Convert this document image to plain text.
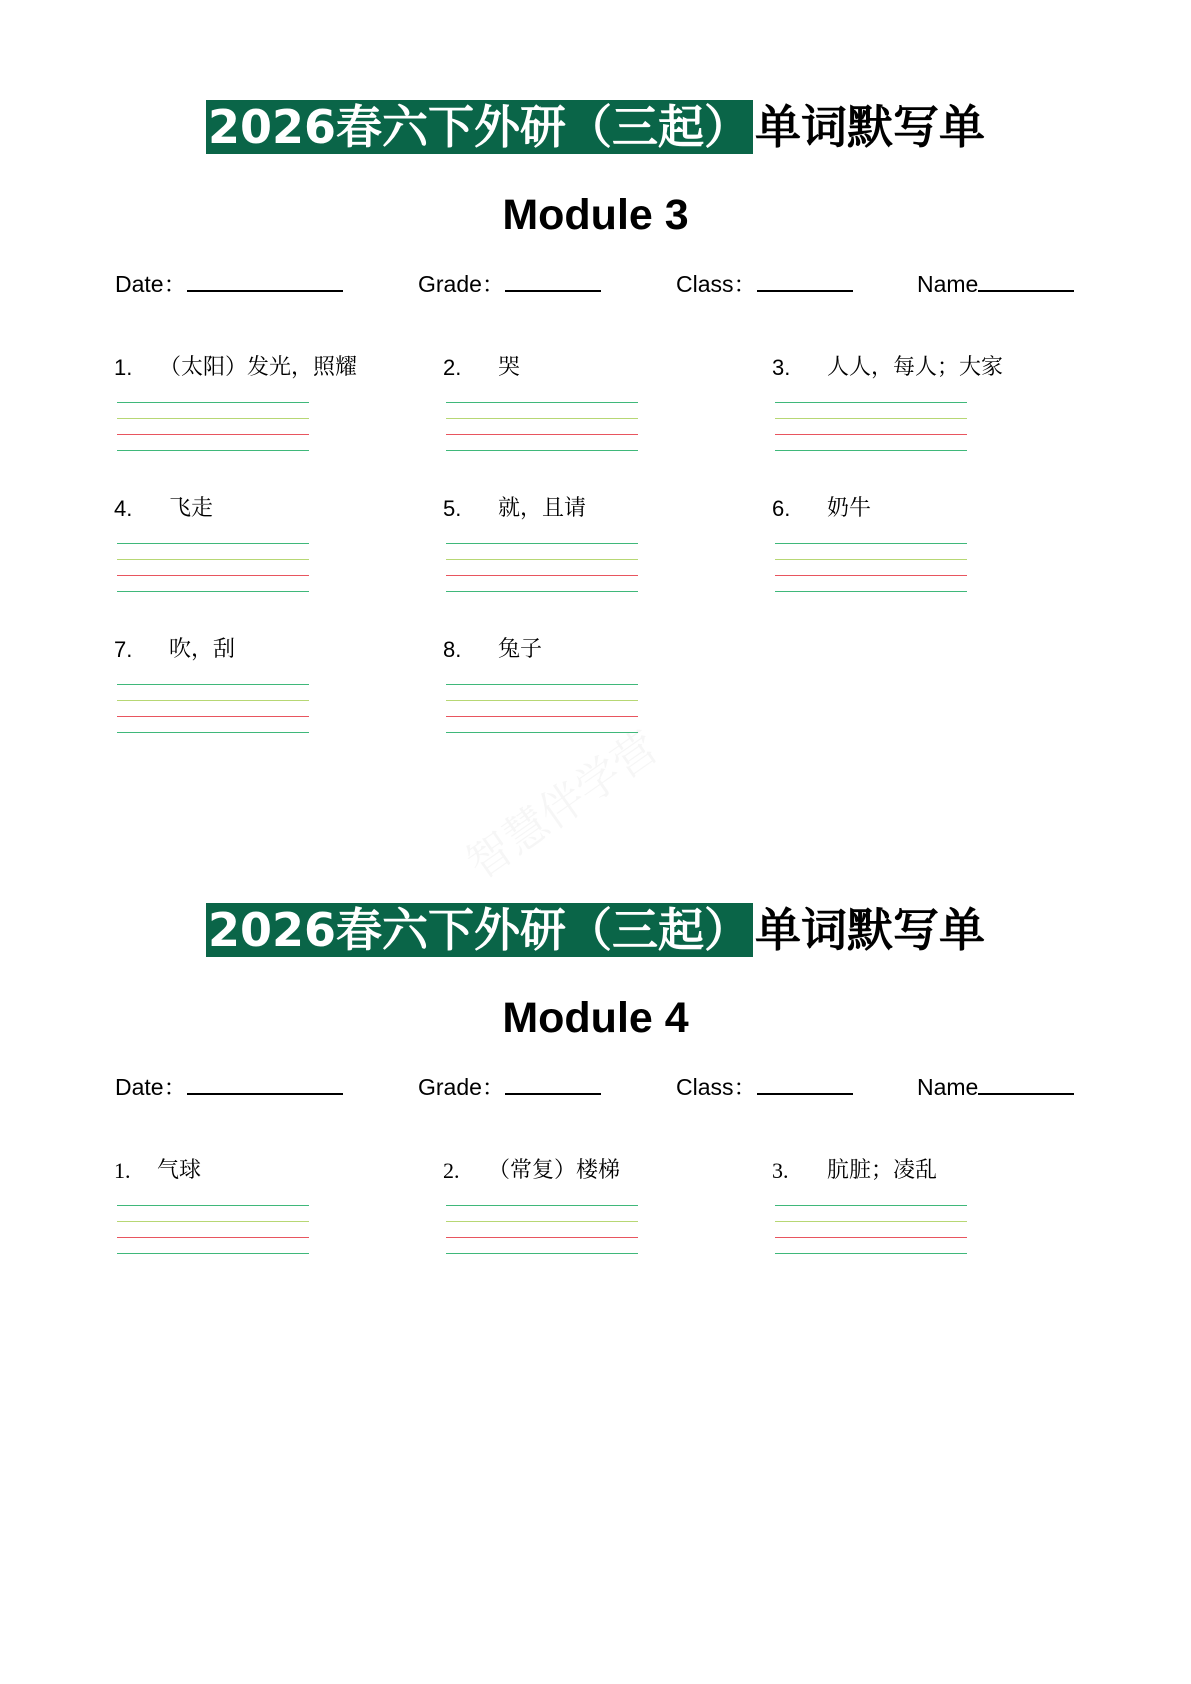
2026春六下外研（三起） 单词默写单
Module 3
Date：	Grade：	Class：	Name
1. （太阳）发光，照耀	2. 哭	3. 人人，每人；大家
4. 飞走	5. 就，且请	6. 奶牛
7. 吹，刮	8. 兔子
2026春六下外研（三起） 单词默写单
Module 4
Date：	Grade：	Class：	Name
1. 气球	2. （常复）楼梯	3. 肮脏；凌乱
